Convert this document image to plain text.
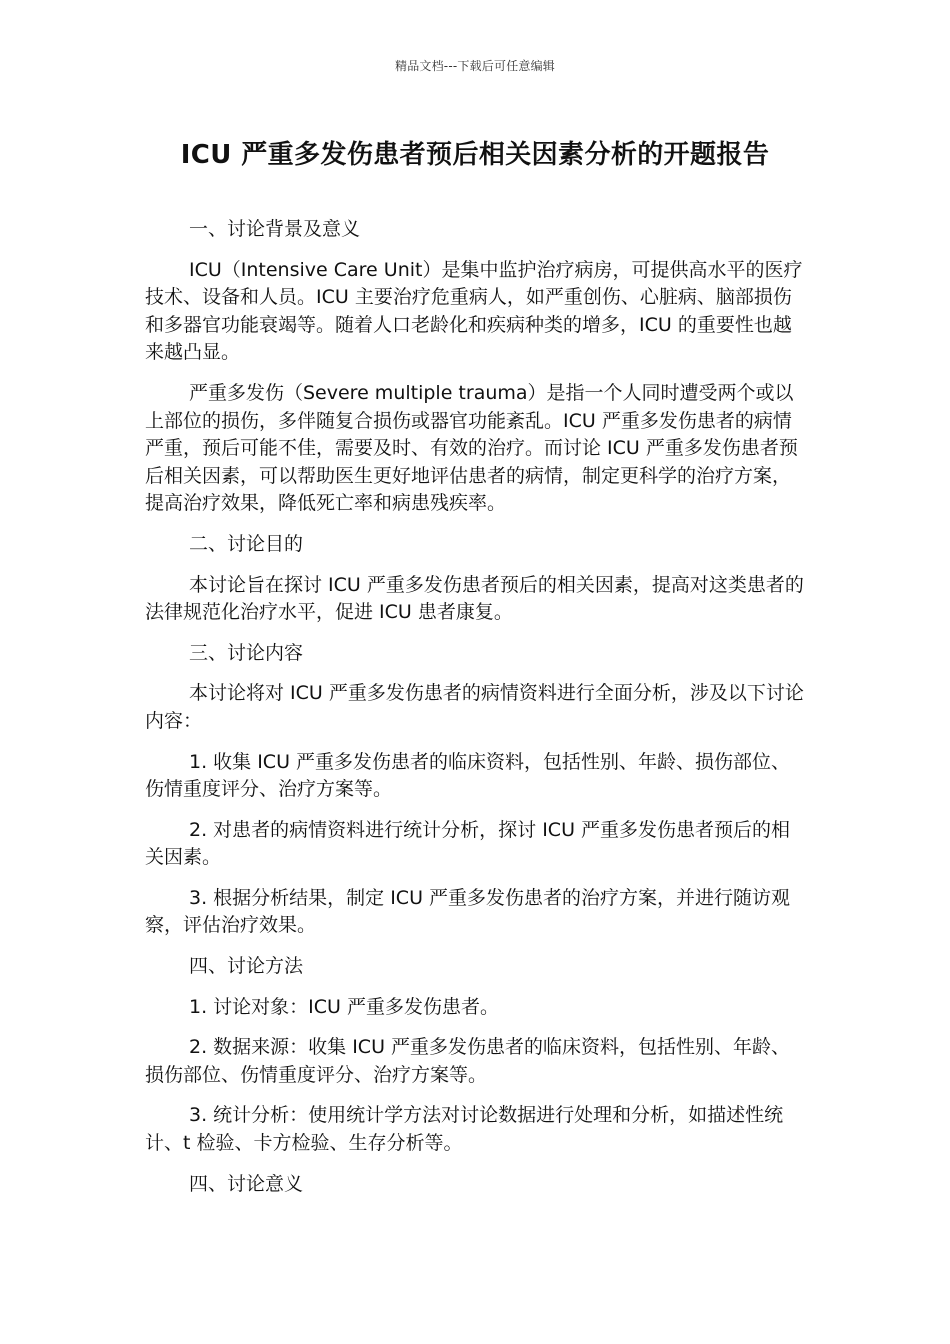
精品文档---下载后可任意编辑
ICU 严重多发伤患者预后相关因素分析的开题报告

一、讨论背景及意义

ICU（Intensive Care Unit）是集中监护治疗病房，可提供高水平的医疗技术、设备和人员。ICU 主要治疗危重病人，如严重创伤、心脏病、脑部损伤和多器官功能衰竭等。随着人口老龄化和疾病种类的增多，ICU 的重要性也越来越凸显。

严重多发伤（Severe multiple trauma）是指一个人同时遭受两个或以上部位的损伤，多伴随复合损伤或器官功能紊乱。ICU 严重多发伤患者的病情严重，预后可能不佳，需要及时、有效的治疗。而讨论 ICU 严重多发伤患者预后相关因素，可以帮助医生更好地评估患者的病情，制定更科学的治疗方案，提高治疗效果，降低死亡率和病患残疾率。

二、讨论目的

本讨论旨在探讨 ICU 严重多发伤患者预后的相关因素，提高对这类患者的法律规范化治疗水平，促进 ICU 患者康复。

三、讨论内容

本讨论将对 ICU 严重多发伤患者的病情资料进行全面分析，涉及以下讨论内容：

1. 收集 ICU 严重多发伤患者的临床资料，包括性别、年龄、损伤部位、伤情重度评分、治疗方案等。

2. 对患者的病情资料进行统计分析，探讨 ICU 严重多发伤患者预后的相关因素。

3. 根据分析结果，制定 ICU 严重多发伤患者的治疗方案，并进行随访观察，评估治疗效果。

四、讨论方法

1. 讨论对象：ICU 严重多发伤患者。

2. 数据来源：收集 ICU 严重多发伤患者的临床资料，包括性别、年龄、损伤部位、伤情重度评分、治疗方案等。

3. 统计分析：使用统计学方法对讨论数据进行处理和分析，如描述性统计、t 检验、卡方检验、生存分析等。

四、讨论意义
